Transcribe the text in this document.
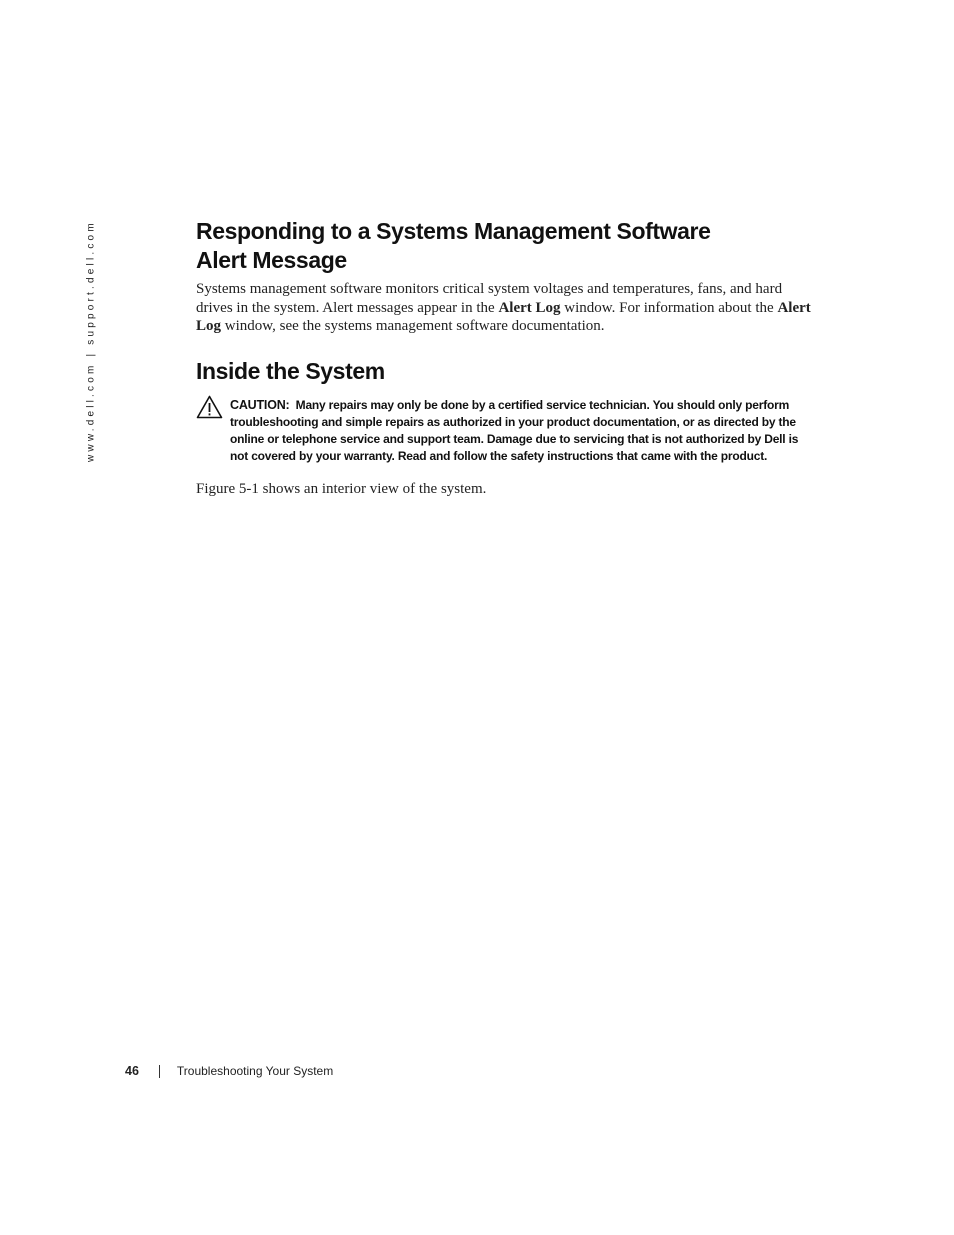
www.dell.com | support.dell.com	Responding to a Systems Management Software
Alert Message

Systems management software monitors critical system voltages and temperatures, fans, and hard drives in the system. Alert messages appear in the Alert Log window. For information about the Alert Log window, see the systems management software documentation.

Inside the System
CAUTION: Many repairs may only be done by a certified service technician. You should only perform troubleshooting and simple repairs as authorized in your product documentation, or as directed by the online or telephone service and support team. Damage due to servicing that is not authorized by Dell is not covered by your warranty. Read and follow the safety instructions that came with the product.

Figure 5-1 shows an interior view of the system.

46	Troubleshooting Your System
